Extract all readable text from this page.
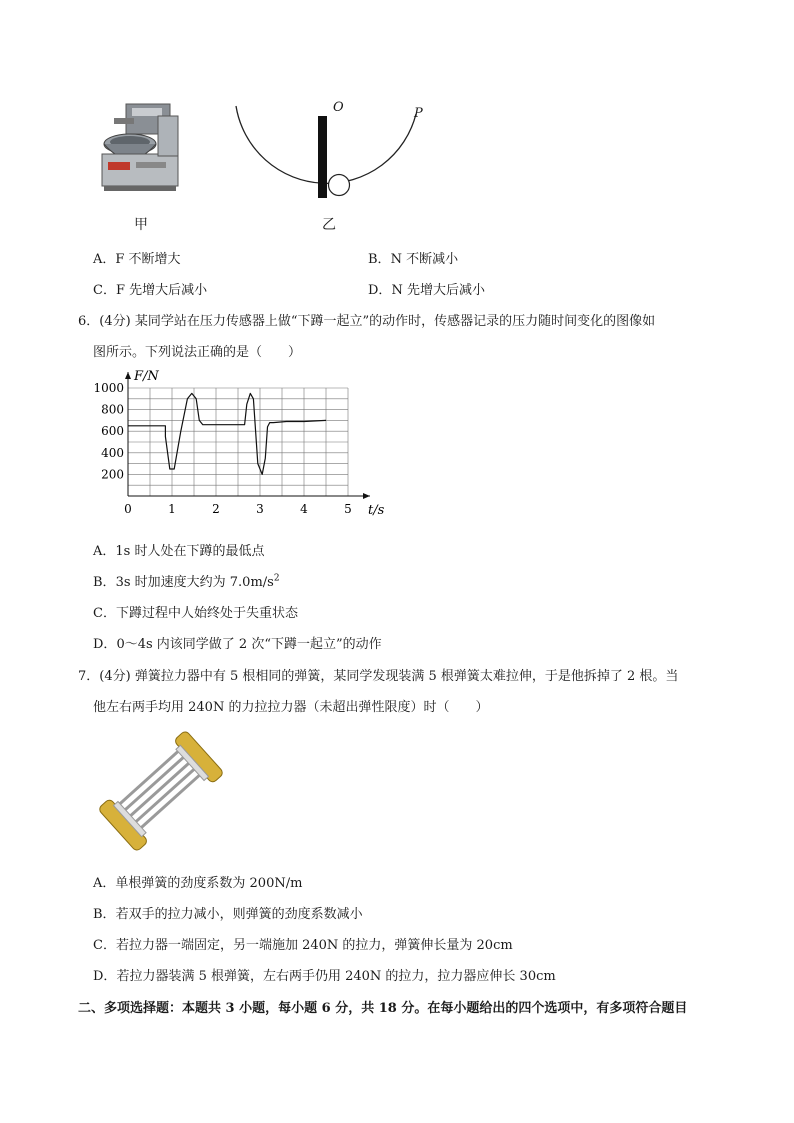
甲
O	P
乙
A．F 不断增大	B．N 不断减小
C．F 先增大后减小	D．N 先增大后减小
6．(4分) 某同学站在压力传感器上做“下蹲一起立”的动作时，传感器记录的压力随时间变化的图像如
图所示。下列说法正确的是（　　）
0	1	2	3	4	5
200
400
600
800
1000
F/N
t/s
A．1s 时人处在下蹲的最低点
B．3s 时加速度大约为 $7.0m/s^2$
C．下蹲过程中人始终处于失重状态
D．0～4s 内该同学做了 2 次“下蹲一起立”的动作
7．(4分) 弹簧拉力器中有 5 根相同的弹簧，某同学发现装满 5 根弹簧太难拉伸，于是他拆掉了 2 根。当
他左右两手均用 240N 的力拉拉力器（未超出弹性限度）时（　　）
A．单根弹簧的劲度系数为 200N/m
B．若双手的拉力减小，则弹簧的劲度系数减小
C．若拉力器一端固定，另一端施加 240N 的拉力，弹簧伸长量为 20cm
D．若拉力器装满 5 根弹簧，左右两手仍用 240N 的拉力，拉力器应伸长 30cm
二、多项选择题：本题共 3 小题，每小题 6 分，共 18 分。在每小题给出的四个选项中，有多项符合题目
